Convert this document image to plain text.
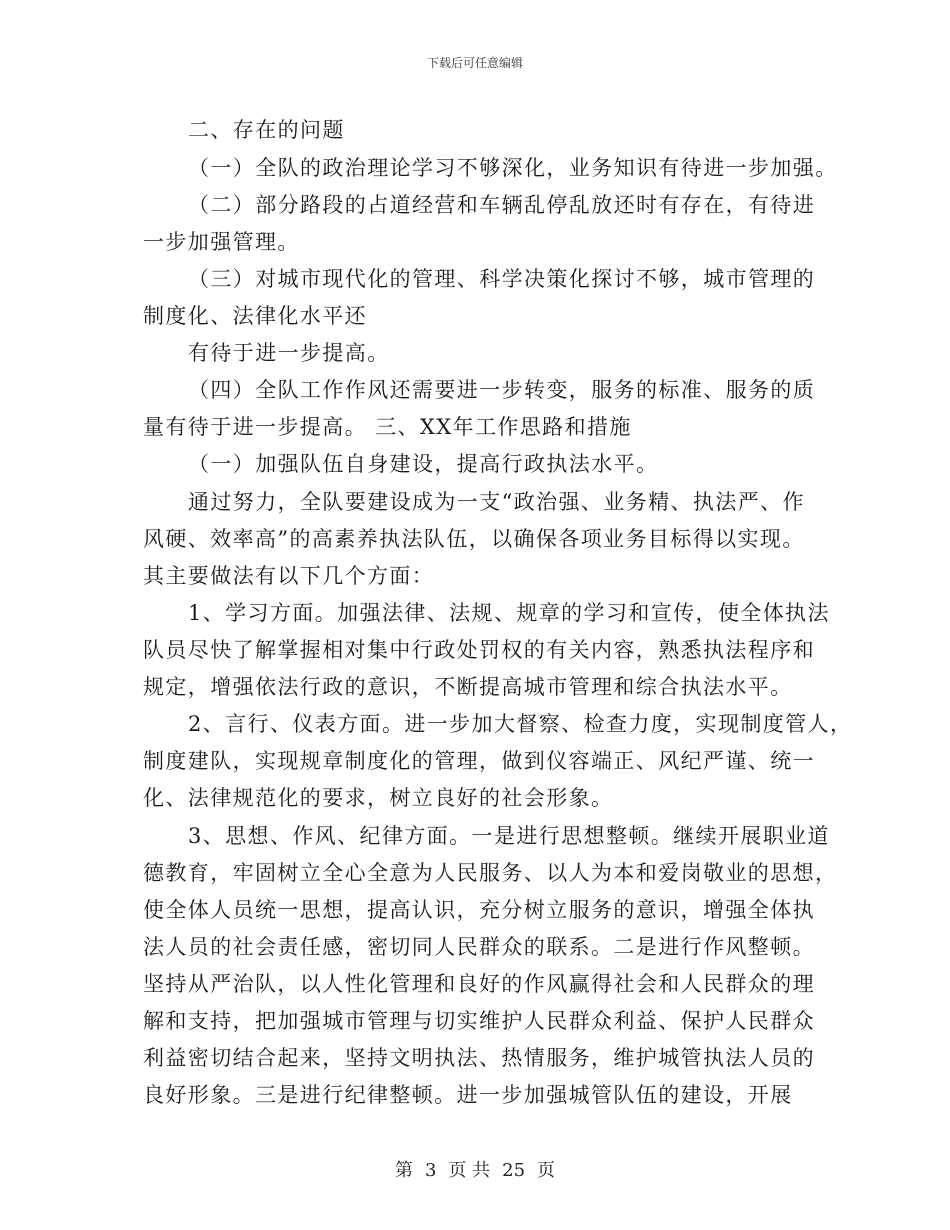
下载后可任意编辑
二、存在的问题
（一）全队的政治理论学习不够深化，业务知识有待进一步加强。
（二）部分路段的占道经营和车辆乱停乱放还时有存在，有待进
一步加强管理。
（三）对城市现代化的管理、科学决策化探讨不够，城市管理的
制度化、法律化水平还
有待于进一步提高。
（四）全队工作作风还需要进一步转变，服务的标准、服务的质
量有待于进一步提高。 三、XX年工作思路和措施
（一）加强队伍自身建设，提高行政执法水平。
通过努力，全队要建设成为一支“政治强、业务精、执法严、作
风硬、效率高”的高素养执法队伍，以确保各项业务目标得以实现。
其主要做法有以下几个方面：
1、学习方面。加强法律、法规、规章的学习和宣传，使全体执法
队员尽快了解掌握相对集中行政处罚权的有关内容，熟悉执法程序和
规定，增强依法行政的意识，不断提高城市管理和综合执法水平。
2、言行、仪表方面。进一步加大督察、检查力度，实现制度管人，
制度建队，实现规章制度化的管理，做到仪容端正、风纪严谨、统一
化、法律规范化的要求，树立良好的社会形象。
3、思想、作风、纪律方面。一是进行思想整顿。继续开展职业道
德教育，牢固树立全心全意为人民服务、以人为本和爱岗敬业的思想，
使全体人员统一思想，提高认识，充分树立服务的意识，增强全体执
法人员的社会责任感，密切同人民群众的联系。二是进行作风整顿。
坚持从严治队，以人性化管理和良好的作风赢得社会和人民群众的理
解和支持，把加强城市管理与切实维护人民群众利益、保护人民群众
利益密切结合起来，坚持文明执法、热情服务，维护城管执法人员的
良好形象。三是进行纪律整顿。进一步加强城管队伍的建设，开展
第 3 页 共 25 页
